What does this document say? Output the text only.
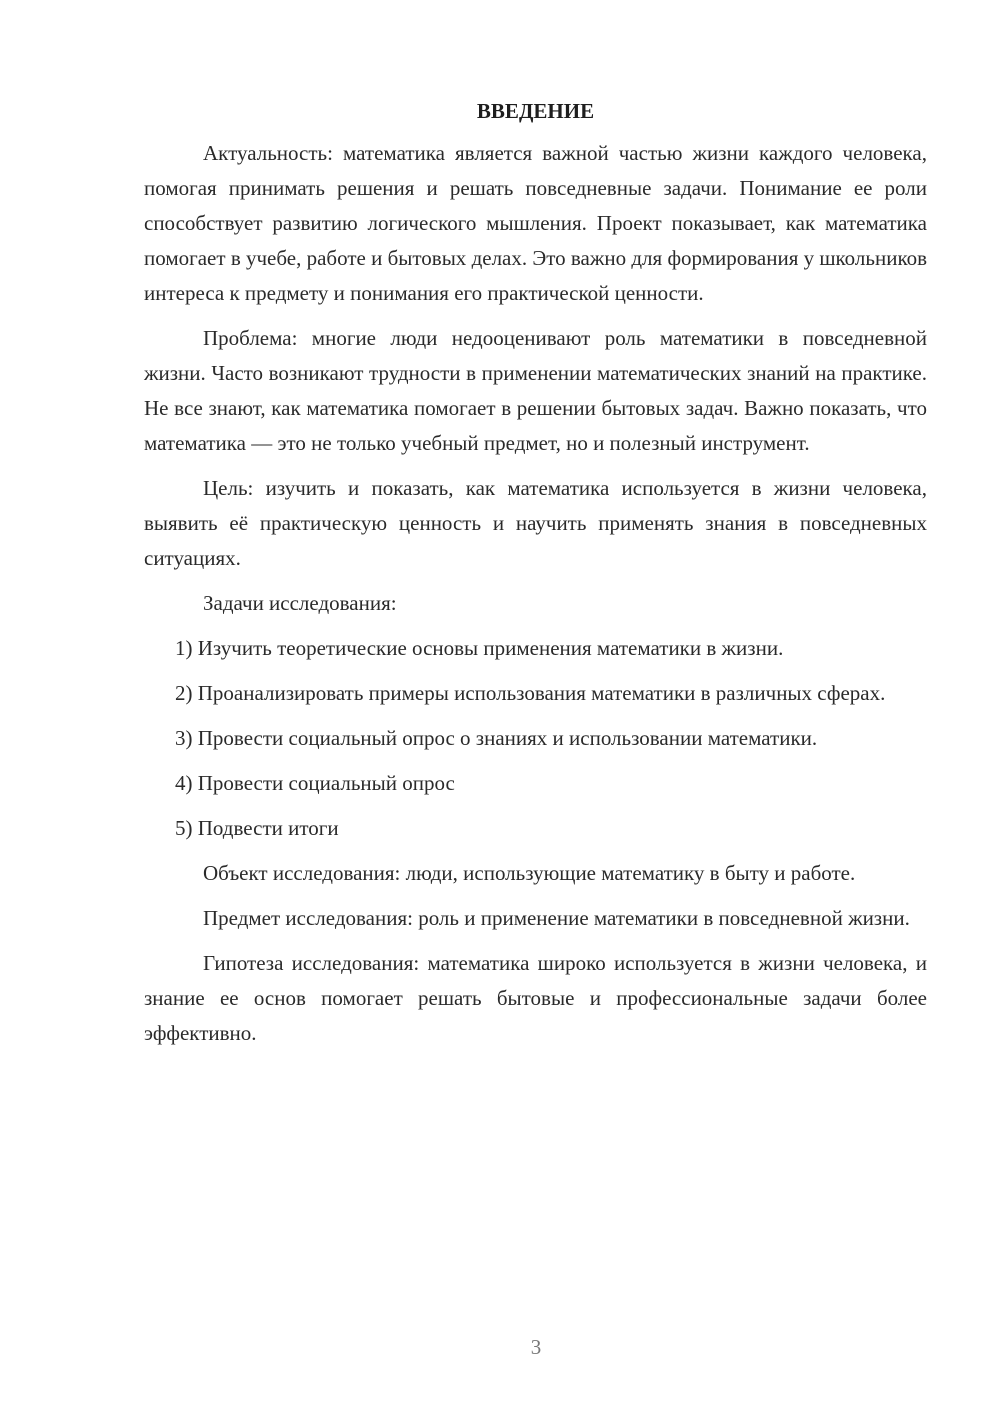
ВВЕДЕНИЕ

Актуальность: математика является важной частью жизни каждого человека, помогая принимать решения и решать повседневные задачи. Понимание ее роли способствует развитию логического мышления. Проект показывает, как математика помогает в учебе, работе и бытовых делах. Это важно для формирования у школьников интереса к предмету и понимания его практической ценности.

Проблема: многие люди недооценивают роль математики в повседневной жизни. Часто возникают трудности в применении математических знаний на практике. Не все знают, как математика помогает в решении бытовых задач. Важно показать, что математика — это не только учебный предмет, но и полезный инструмент.

Цель: изучить и показать, как математика используется в жизни человека, выявить её практическую ценность и научить применять знания в повседневных ситуациях.

Задачи исследования:

1) Изучить теоретические основы применения математики в жизни.

2) Проанализировать примеры использования математики в различных сферах.

3) Провести социальный опрос о знаниях и использовании математики.

4) Провести социальный опрос

5) Подвести итоги

Объект исследования: люди, использующие математику в быту и работе.

Предмет исследования: роль и применение математики в повседневной жизни.

Гипотеза исследования: математика широко используется в жизни человека, и знание ее основ помогает решать бытовые и профессиональные задачи более эффективно.

3
